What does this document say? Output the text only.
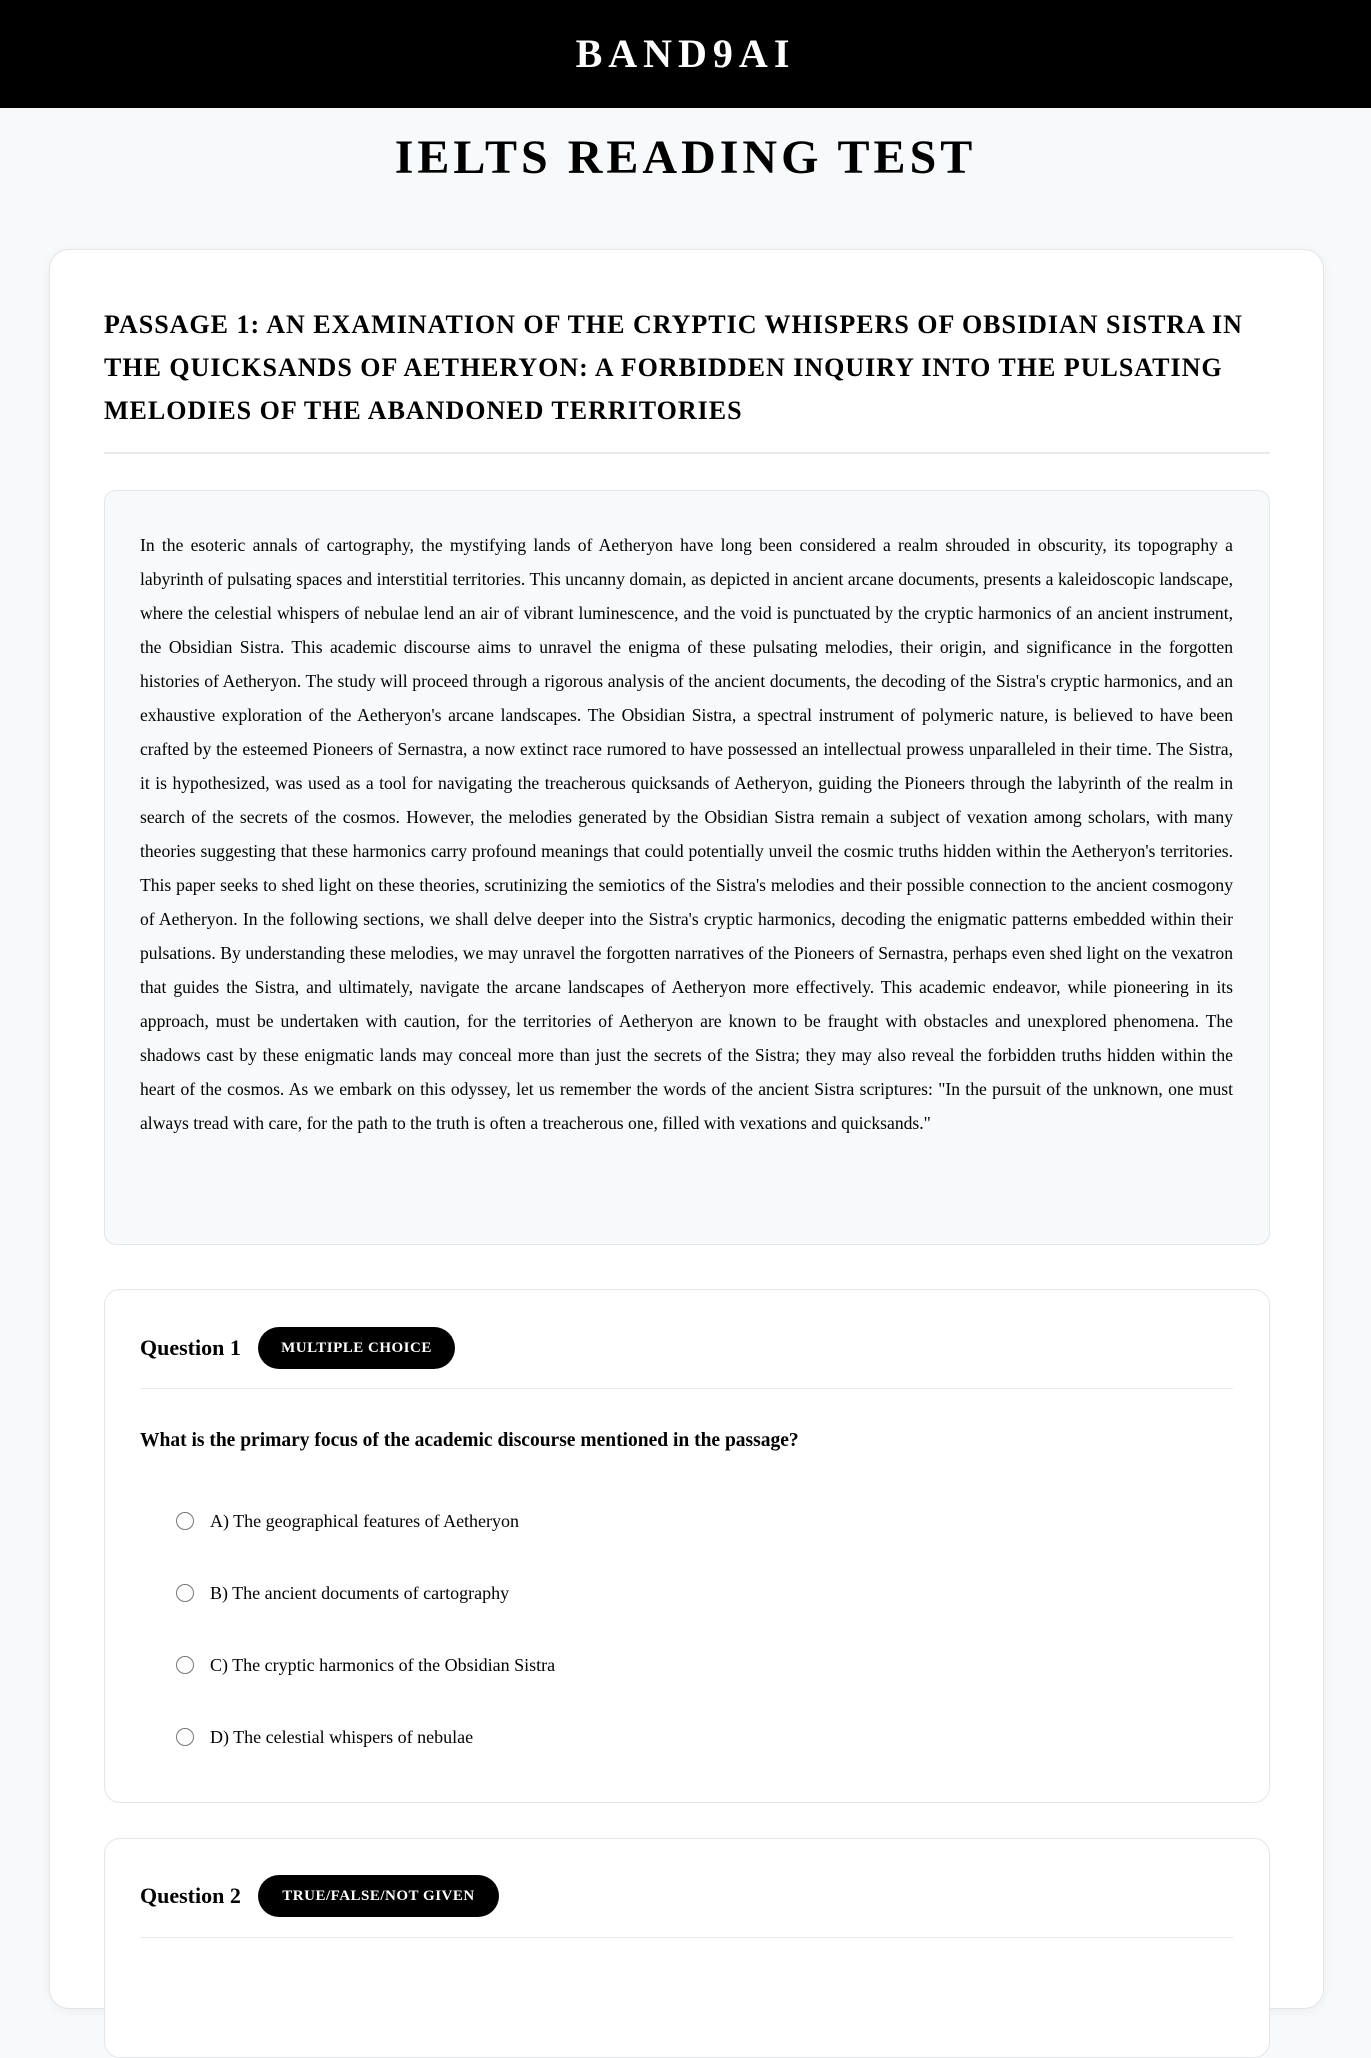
BAND9AI
IELTS READING TEST
PASSAGE 1: AN EXAMINATION OF THE CRYPTIC WHISPERS OF OBSIDIAN SISTRA IN THE QUICKSANDS OF AETHERYON: A FORBIDDEN INQUIRY INTO THE PULSATING MELODIES OF THE ABANDONED TERRITORIES

In the esoteric annals of cartography, the mystifying lands of Aetheryon have long been considered a realm shrouded in obscurity, its topography a labyrinth of pulsating spaces and interstitial territories. This uncanny domain, as depicted in ancient arcane documents, presents a kaleidoscopic landscape, where the celestial whispers of nebulae lend an air of vibrant luminescence, and the void is punctuated by the cryptic harmonics of an ancient instrument, the Obsidian Sistra. This academic discourse aims to unravel the enigma of these pulsating melodies, their origin, and significance in the forgotten histories of Aetheryon. The study will proceed through a rigorous analysis of the ancient documents, the decoding of the Sistra's cryptic harmonics, and an exhaustive exploration of the Aetheryon's arcane landscapes. The Obsidian Sistra, a spectral instrument of polymeric nature, is believed to have been crafted by the esteemed Pioneers of Sernastra, a now extinct race rumored to have possessed an intellectual prowess unparalleled in their time. The Sistra, it is hypothesized, was used as a tool for navigating the treacherous quicksands of Aetheryon, guiding the Pioneers through the labyrinth of the realm in search of the secrets of the cosmos. However, the melodies generated by the Obsidian Sistra remain a subject of vexation among scholars, with many theories suggesting that these harmonics carry profound meanings that could potentially unveil the cosmic truths hidden within the Aetheryon's territories. This paper seeks to shed light on these theories, scrutinizing the semiotics of the Sistra's melodies and their possible connection to the ancient cosmogony of Aetheryon. In the following sections, we shall delve deeper into the Sistra's cryptic harmonics, decoding the enigmatic patterns embedded within their pulsations. By understanding these melodies, we may unravel the forgotten narratives of the Pioneers of Sernastra, perhaps even shed light on the vexatron that guides the Sistra, and ultimately, navigate the arcane landscapes of Aetheryon more effectively. This academic endeavor, while pioneering in its approach, must be undertaken with caution, for the territories of Aetheryon are known to be fraught with obstacles and unexplored phenomena. The shadows cast by these enigmatic lands may conceal more than just the secrets of the Sistra; they may also reveal the forbidden truths hidden within the heart of the cosmos. As we embark on this odyssey, let us remember the words of the ancient Sistra scriptures: "In the pursuit of the unknown, one must always tread with care, for the path to the truth is often a treacherous one, filled with vexations and quicksands."

Question 1	MULTIPLE CHOICE

What is the primary focus of the academic discourse mentioned in the passage?

A) The geographical features of Aetheryon
B) The ancient documents of cartography
C) The cryptic harmonics of the Obsidian Sistra
D) The celestial whispers of nebulae
Question 2	TRUE/FALSE/NOT GIVEN
